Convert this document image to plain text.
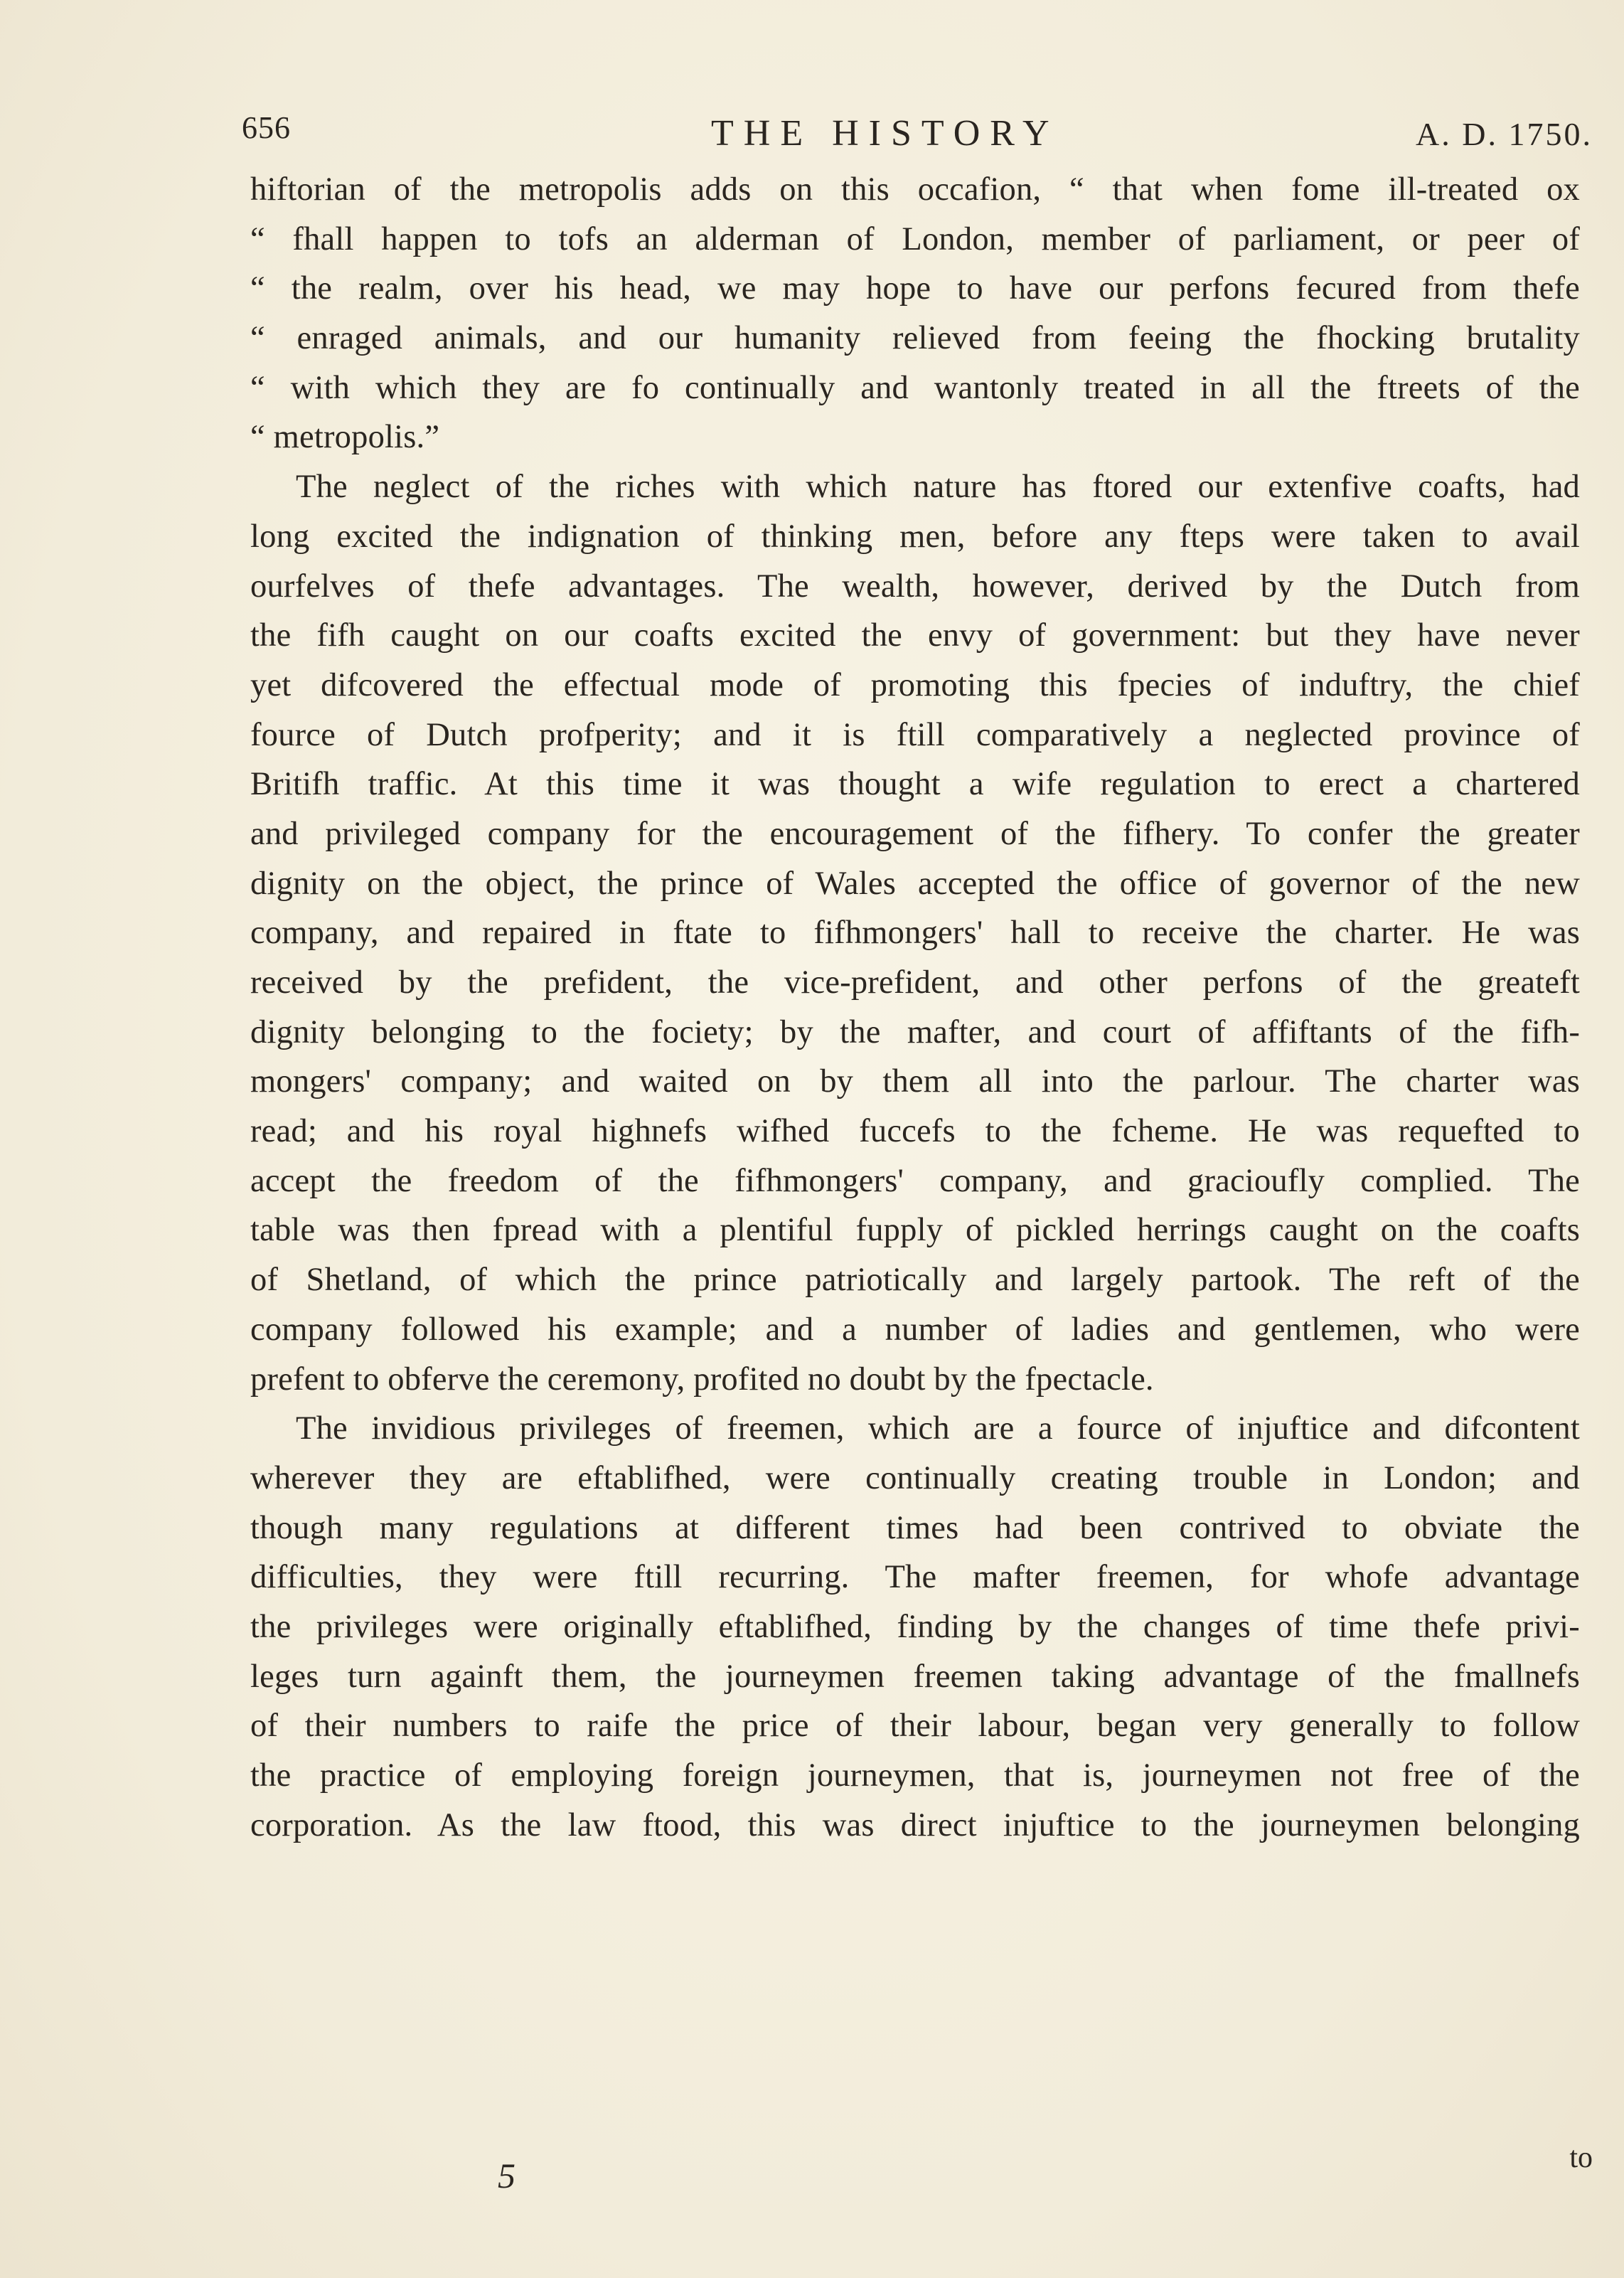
656	THE HISTORY	A. D. 1750.
hiftorian of the metropolis adds on this occafion, “ that when fome ill-treated ox
“ fhall happen to tofs an alderman of London, member of parliament, or peer of
“ the realm, over his head, we may hope to have our perfons fecured from thefe
“ enraged animals, and our humanity relieved from feeing the fhocking brutality
“ with which they are fo continually and wantonly treated in all the ftreets of the
“ metropolis.”
The neglect of the riches with which nature has ftored our extenfive coafts, had
long excited the indignation of thinking men, before any fteps were taken to avail
ourfelves of thefe advantages. The wealth, however, derived by the Dutch from
the fifh caught on our coafts excited the envy of government: but they have never
yet difcovered the effectual mode of promoting this fpecies of induftry, the chief
fource of Dutch profperity; and it is ftill comparatively a neglected province of
Britifh traffic. At this time it was thought a wife regulation to erect a chartered
and privileged company for the encouragement of the fifhery. To confer the greater
dignity on the object, the prince of Wales accepted the office of governor of the new
company, and repaired in ftate to fifhmongers' hall to receive the charter. He was
received by the prefident, the vice-prefident, and other perfons of the greateft
dignity belonging to the fociety; by the mafter, and court of affiftants of the fifh-
mongers' company; and waited on by them all into the parlour. The charter was
read; and his royal highnefs wifhed fuccefs to the fcheme. He was requefted to
accept the freedom of the fifhmongers' company, and gracioufly complied. The
table was then fpread with a plentiful fupply of pickled herrings caught on the coafts
of Shetland, of which the prince patriotically and largely partook. The reft of the
company followed his example; and a number of ladies and gentlemen, who were
prefent to obferve the ceremony, profited no doubt by the fpectacle.
The invidious privileges of freemen, which are a fource of injuftice and difcontent
wherever they are eftablifhed, were continually creating trouble in London; and
though many regulations at different times had been contrived to obviate the
difficulties, they were ftill recurring. The mafter freemen, for whofe advantage
the privileges were originally eftablifhed, finding by the changes of time thefe privi-
leges turn againft them, the journeymen freemen taking advantage of the fmallnefs
of their numbers to raife the price of their labour, began very generally to follow
the practice of employing foreign journeymen, that is, journeymen not free of the
corporation. As the law ftood, this was direct injuftice to the journeymen belonging
5	to
